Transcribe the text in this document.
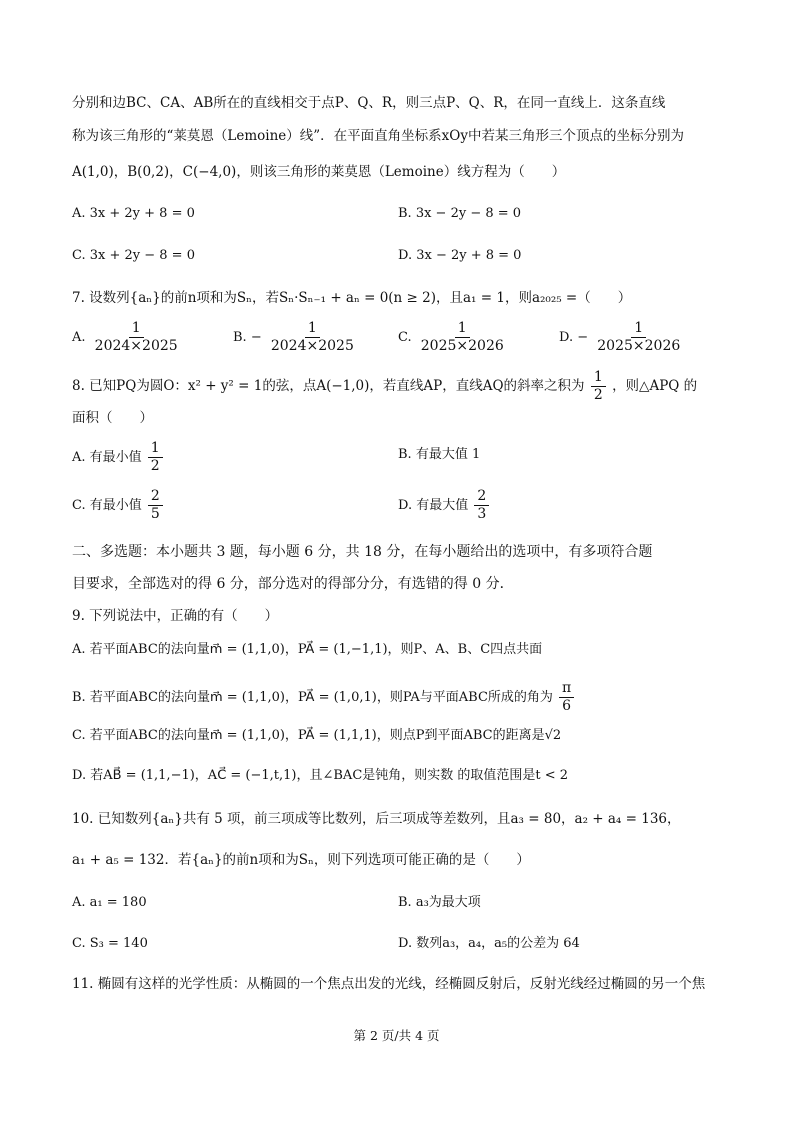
分别和边BC、CA、AB所在的直线相交于点P、Q、R，则三点P、Q、R，在同一直线上．这条直线
称为该三角形的“莱莫恩（Lemoine）线”．在平面直角坐标系xOy中若某三角形三个顶点的坐标分别为
A(1,0)，B(0,2)，C(−4,0)，则该三角形的莱莫恩（Lemoine）线方程为（　　）
A. 3x + 2y + 8 = 0	B. 3x − 2y − 8 = 0
C. 3x + 2y − 8 = 0	D. 3x − 2y + 8 = 0
7. 设数列{aₙ}的前n项和为Sₙ，若Sₙ·Sₙ₋₁ + aₙ = 0(n ≥ 2)，且a₁ = 1，则a₂₀₂₅ =（　　）
A. $\frac{1}{2024\times 2025}$	B. − $\frac{1}{2024\times 2025}$	C. $\frac{1}{2025\times 2026}$	D. − $\frac{1}{2025\times 2026}$
8. 已知PQ为圆O：x² + y² = 1的弦，点A(−1,0)，若直线AP，直线AQ的斜率之积为 $\frac{1}{2}$ ，则△APQ 的
面积（　　）
A. 有最小值 $\frac{1}{2}$	B. 有最大值 1
C. 有最小值 $\frac{2}{5}$	D. 有最大值 $\frac{2}{3}$
二、多选题：本小题共 3 题，每小题 6 分，共 18 分，在每小题给出的选项中，有多项符合题
目要求，全部选对的得 6 分，部分选对的得部分分，有选错的得 0 分．
9. 下列说法中，正确的有（　　）
A. 若平面ABC的法向量m⃗ = (1,1,0)，PA⃗ = (1,−1,1)，则P、A、B、C四点共面
B. 若平面ABC的法向量m⃗ = (1,1,0)，PA⃗ = (1,0,1)，则PA与平面ABC所成的角为 $\frac{\pi}{6}$
C. 若平面ABC的法向量m⃗ = (1,1,0)，PA⃗ = (1,1,1)，则点P到平面ABC的距离是√2
D. 若AB⃗ = (1,1,−1)，AC⃗ = (−1,t,1)，且∠BAC是钝角，则实数 的取值范围是t < 2
10. 已知数列{aₙ}共有 5 项，前三项成等比数列，后三项成等差数列，且a₃ = 80，a₂ + a₄ = 136，
a₁ + a₅ = 132．若{aₙ}的前n项和为Sₙ，则下列选项可能正确的是（　　）
A. a₁ = 180	B. a₃为最大项
C. S₃ = 140	D. 数列a₃，a₄，a₅的公差为 64
11. 椭圆有这样的光学性质：从椭圆的一个焦点出发的光线，经椭圆反射后，反射光线经过椭圆的另一个焦
第 2 页/共 4 页
